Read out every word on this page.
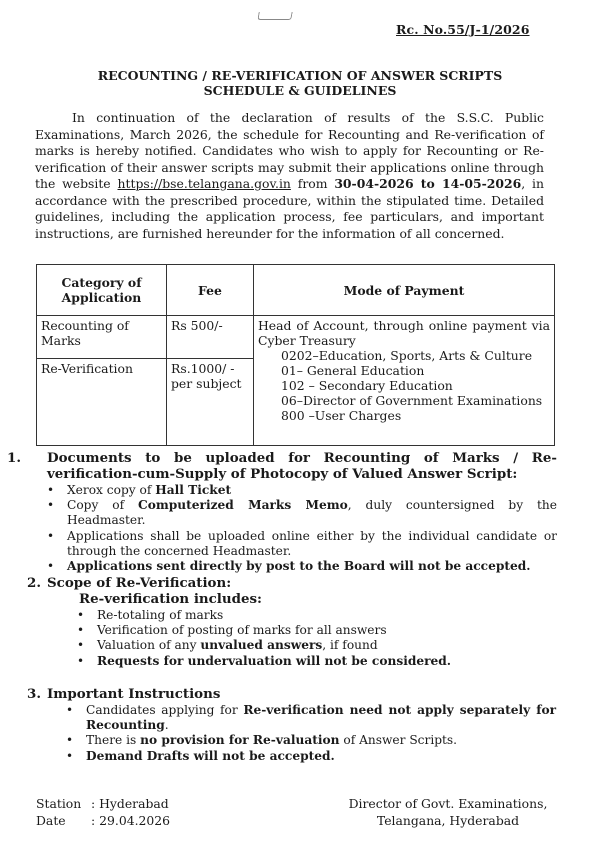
Rc. No.55/J-1/2026
RECOUNTING / RE-VERIFICATION OF ANSWER SCRIPTS
SCHEDULE & GUIDELINES
In continuation of the declaration of results of the S.S.C. Public Examinations, March 2026, the schedule for Recounting and Re-verification of marks is hereby notified. Candidates who wish to apply for Recounting or Re-verification of their answer scripts may submit their applications online through the website https://bse.telangana.gov.in from 30-04-2026 to 14-05-2026, in accordance with the prescribed procedure, within the stipulated time. Detailed guidelines, including the application process, fee particulars, and important instructions, are furnished hereunder for the information of all concerned.
Category of Application	Fee	Mode of Payment
Recounting of Marks	Rs 500/-	Head of Account, through online payment via Cyber Treasury
0202–Education, Sports, Arts & Culture
01– General Education
102 – Secondary Education
06–Director of Government Examinations
800 –User Charges

Re-Verification	Rs.1000/ - per subject	
1. Documents to be uploaded for Recounting of Marks / Re-verification-cum-Supply of Photocopy of Valued Answer Script:
• Xerox copy of Hall Ticket
• Copy of Computerized Marks Memo, duly countersigned by the Headmaster.
• Applications shall be uploaded online either by the individual candidate or through the concerned Headmaster.
• Applications sent directly by post to the Board will not be accepted.
2. Scope of Re-Verification:
Re-verification includes:
• Re-totaling of marks
• Verification of posting of marks for all answers
• Valuation of any unvalued answers, if found
• Requests for undervaluation will not be considered.
3. Important Instructions
• Candidates applying for Re-verification need not apply separately for Recounting.
• There is no provision for Re-valuation of Answer Scripts.
• Demand Drafts will not be accepted.
Station : Hyderabad
Date : 29.04.2026
Director of Govt. Examinations,
Telangana, Hyderabad
